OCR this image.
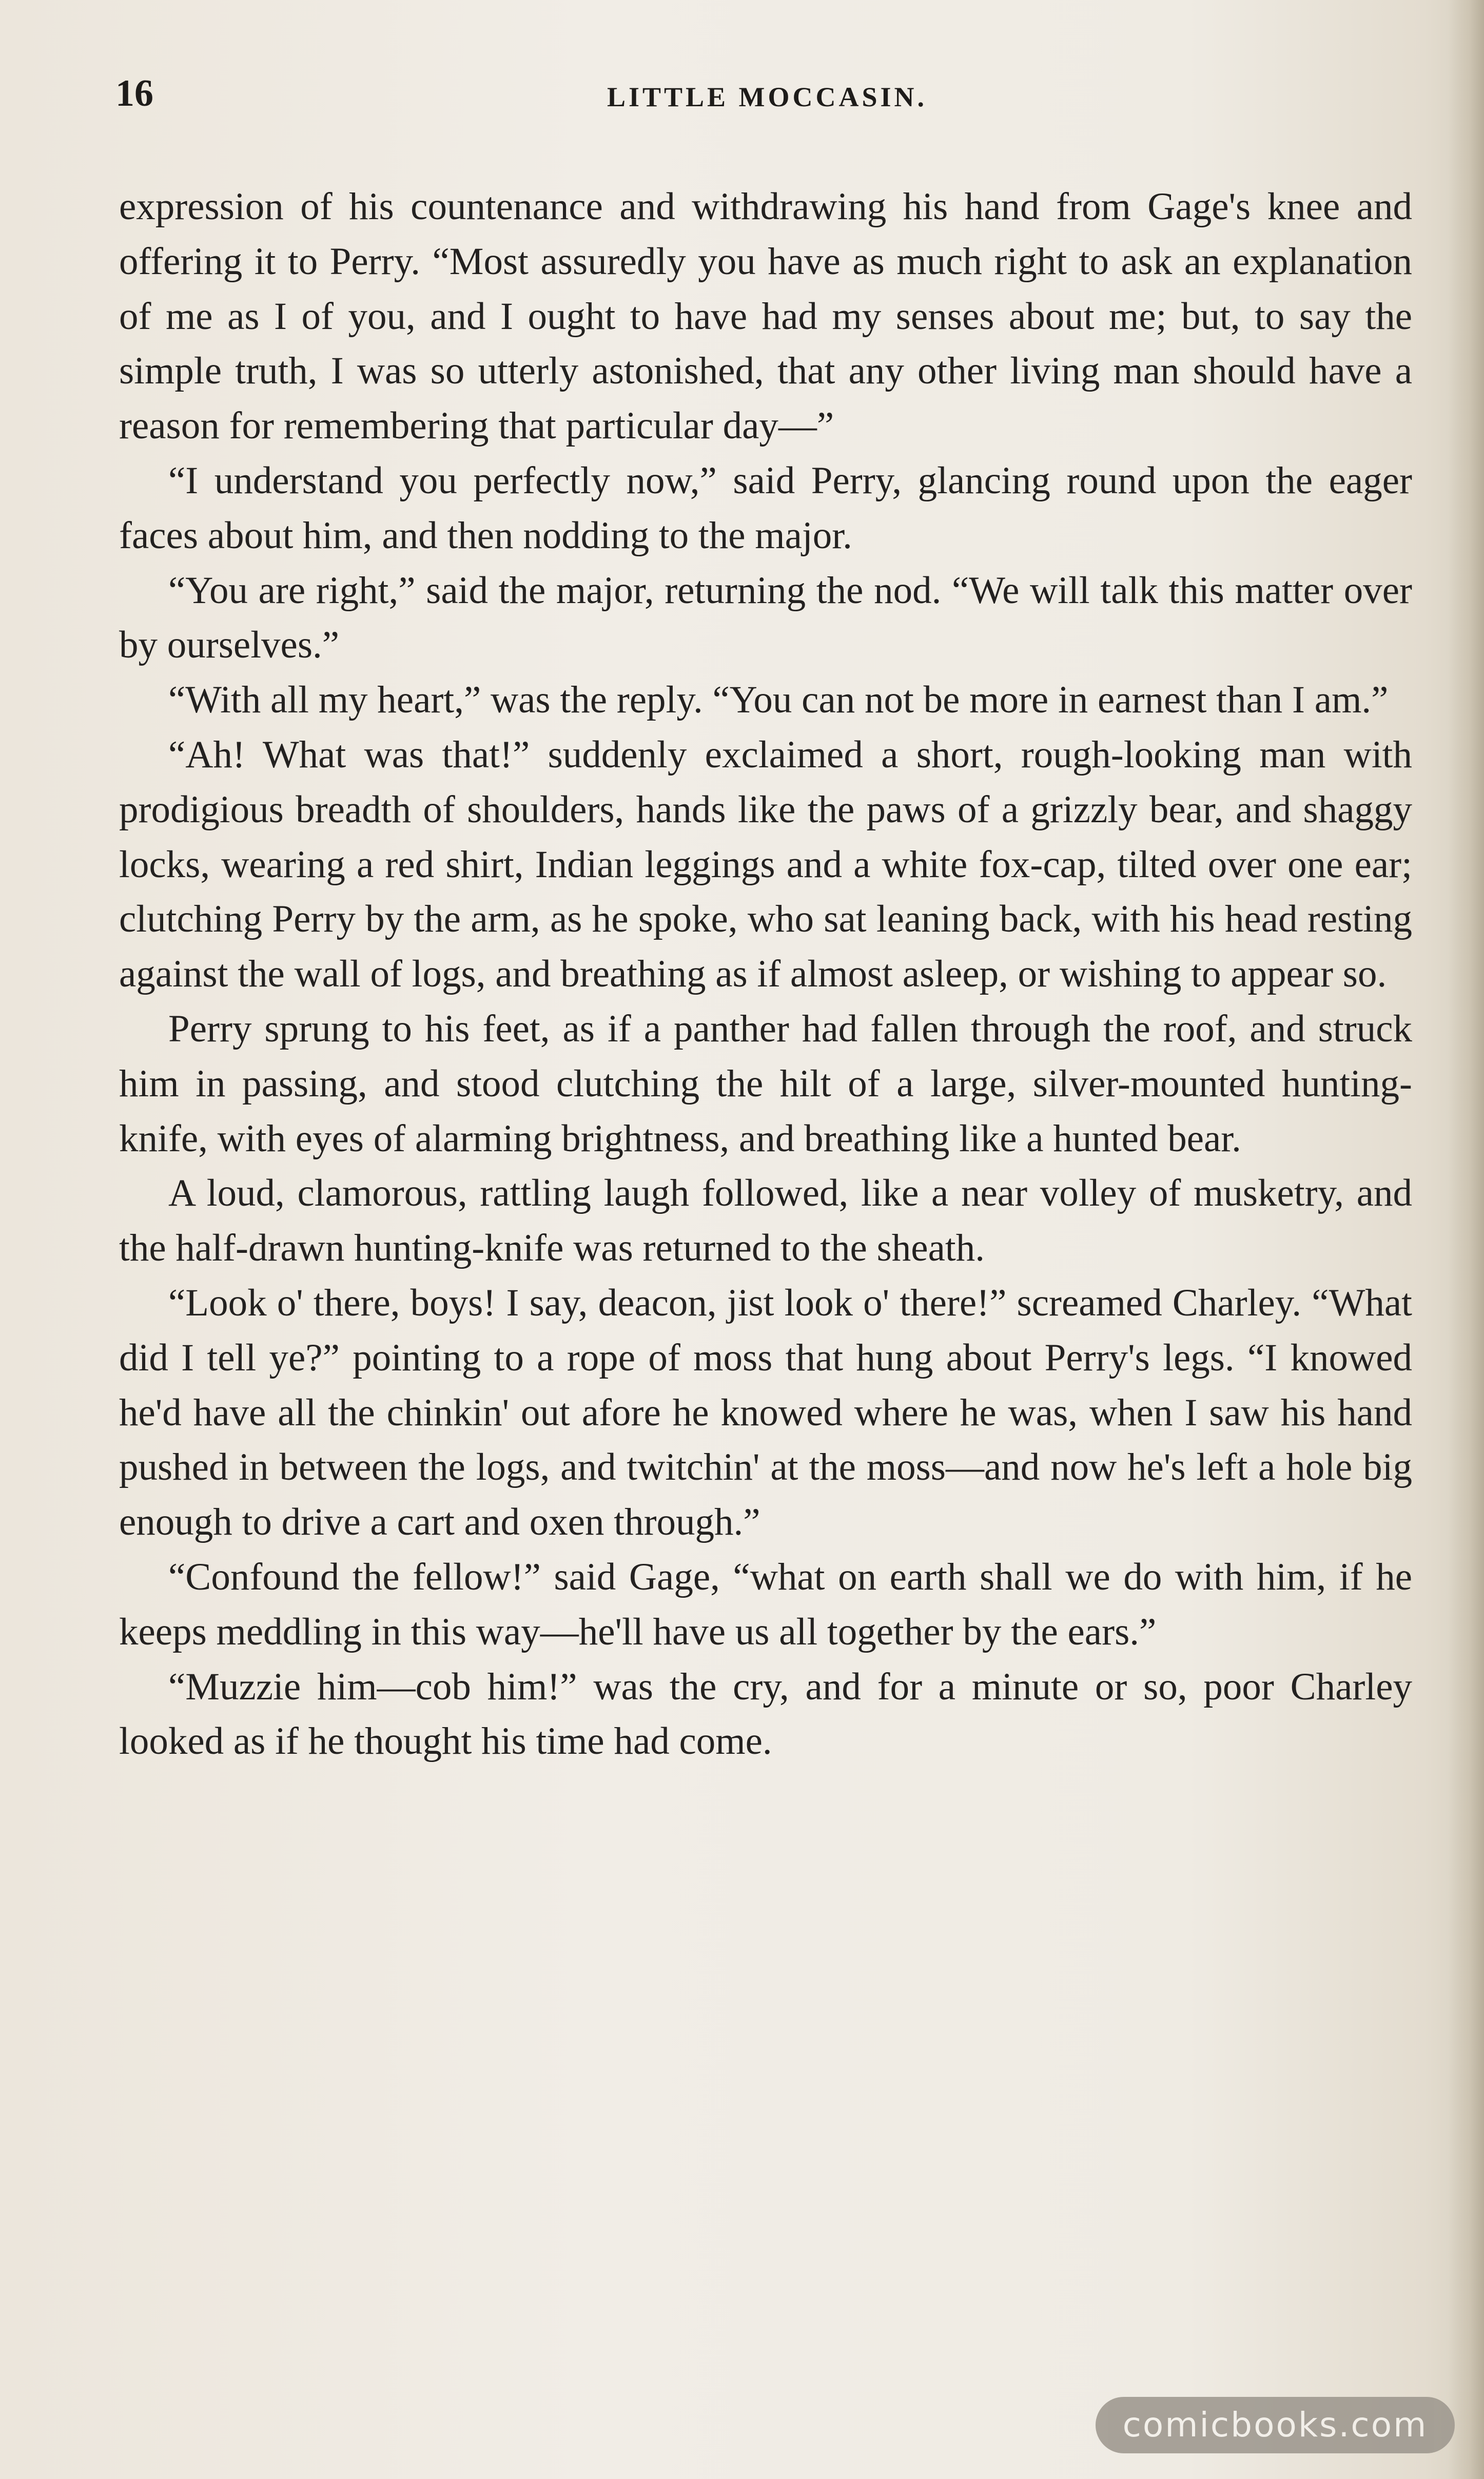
16	LITTLE MOCCASIN.

expression of his countenance and withdrawing his hand from Gage's knee and offering it to Perry. “Most assuredly you have as much right to ask an explanation of me as I of you, and I ought to have had my senses about me; but, to say the simple truth, I was so utterly astonished, that any other living man should have a reason for remembering that particular day—”

“I understand you perfectly now,” said Perry, glancing round upon the eager faces about him, and then nodding to the major.

“You are right,” said the major, returning the nod. “We will talk this matter over by ourselves.”

“With all my heart,” was the reply. “You can not be more in earnest than I am.”

“Ah! What was that!” suddenly exclaimed a short, rough-looking man with prodigious breadth of shoulders, hands like the paws of a grizzly bear, and shaggy locks, wearing a red shirt, Indian leggings and a white fox-cap, tilted over one ear; clutching Perry by the arm, as he spoke, who sat leaning back, with his head resting against the wall of logs, and breathing as if almost asleep, or wishing to appear so.

Perry sprung to his feet, as if a panther had fallen through the roof, and struck him in passing, and stood clutching the hilt of a large, silver-mounted hunting-knife, with eyes of alarming brightness, and breathing like a hunted bear.

A loud, clamorous, rattling laugh followed, like a near volley of musketry, and the half-drawn hunting-knife was returned to the sheath.

“Look o' there, boys! I say, deacon, jist look o' there!” screamed Charley. “What did I tell ye?” pointing to a rope of moss that hung about Perry's legs. “I knowed he'd have all the chinkin' out afore he knowed where he was, when I saw his hand pushed in between the logs, and twitchin' at the moss—and now he's left a hole big enough to drive a cart and oxen through.”

“Confound the fellow!” said Gage, “what on earth shall we do with him, if he keeps meddling in this way—he'll have us all together by the ears.”

“Muzzie him—cob him!” was the cry, and for a minute or so, poor Charley looked as if he thought his time had come.

comicbooks.com
